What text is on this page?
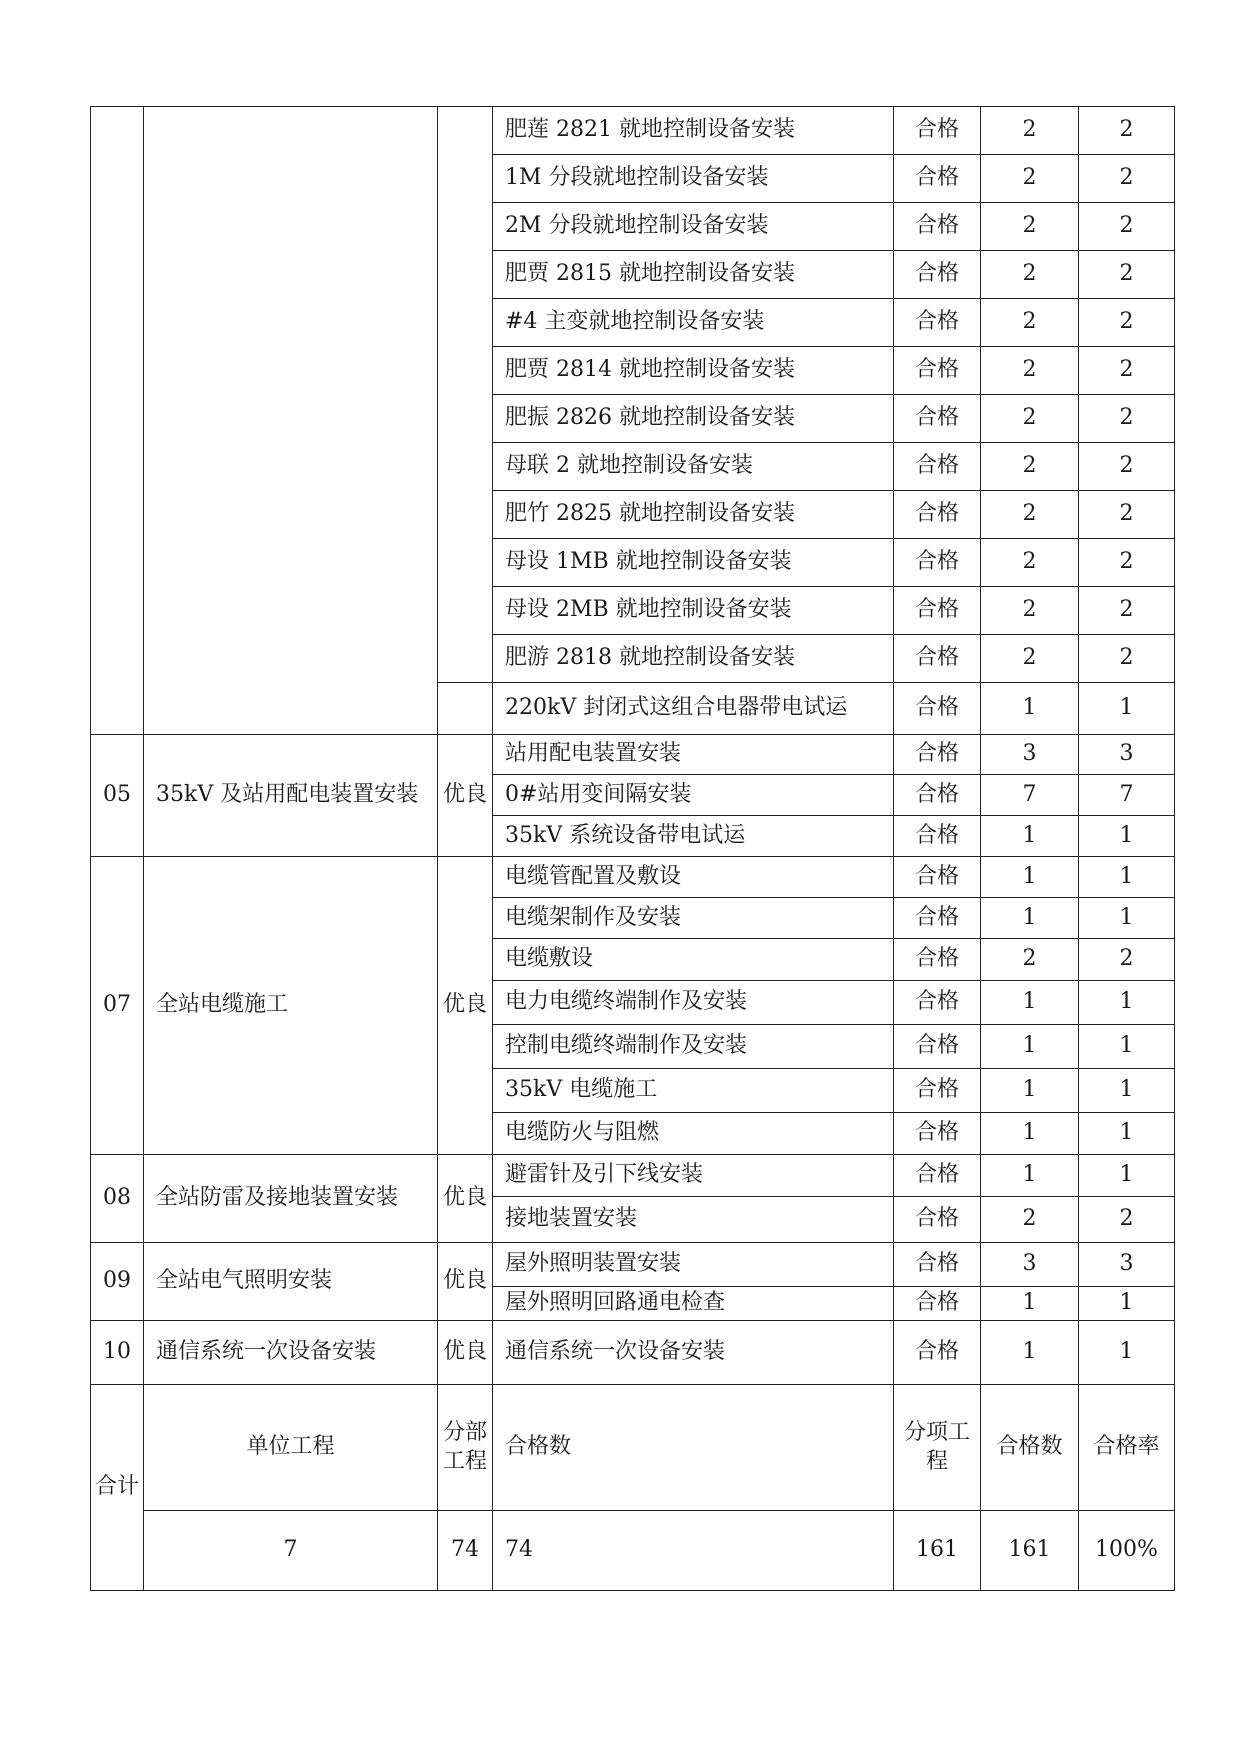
			肥莲 2821 就地控制设备安装	合格	2	2
			1M 分段就地控制设备安装	合格	2	2
			2M 分段就地控制设备安装	合格	2	2
			肥贾 2815 就地控制设备安装	合格	2	2
			#4 主变就地控制设备安装	合格	2	2
			肥贾 2814 就地控制设备安装	合格	2	2
			肥振 2826 就地控制设备安装	合格	2	2
			母联 2 就地控制设备安装	合格	2	2
			肥竹 2825 就地控制设备安装	合格	2	2
			母设 1MB 就地控制设备安装	合格	2	2
			母设 2MB 就地控制设备安装	合格	2	2
			肥游 2818 就地控制设备安装	合格	2	2
			220kV 封闭式这组合电器带电试运	合格	1	1
05	35kV 及站用配电装置安装	优良	站用配电装置安装	合格	3	3
			0#站用变间隔安装	合格	7	7
			35kV 系统设备带电试运	合格	1	1
07	全站电缆施工	优良	电缆管配置及敷设	合格	1	1
			电缆架制作及安装	合格	1	1
			电缆敷设	合格	2	2
			电力电缆终端制作及安装	合格	1	1
			控制电缆终端制作及安装	合格	1	1
			35kV 电缆施工	合格	1	1
			电缆防火与阻燃	合格	1	1
08	全站防雷及接地装置安装	优良	避雷针及引下线安装	合格	1	1
			接地装置安装	合格	2	2
09	全站电气照明安装	优良	屋外照明装置安装	合格	3	3
			屋外照明回路通电检查	合格	1	1
10	通信系统一次设备安装	优良	通信系统一次设备安装	合格	1	1
合计	单位工程	分部工程	合格数	分项工程	合格数	合格率
	7	74	74	161	161	100%
